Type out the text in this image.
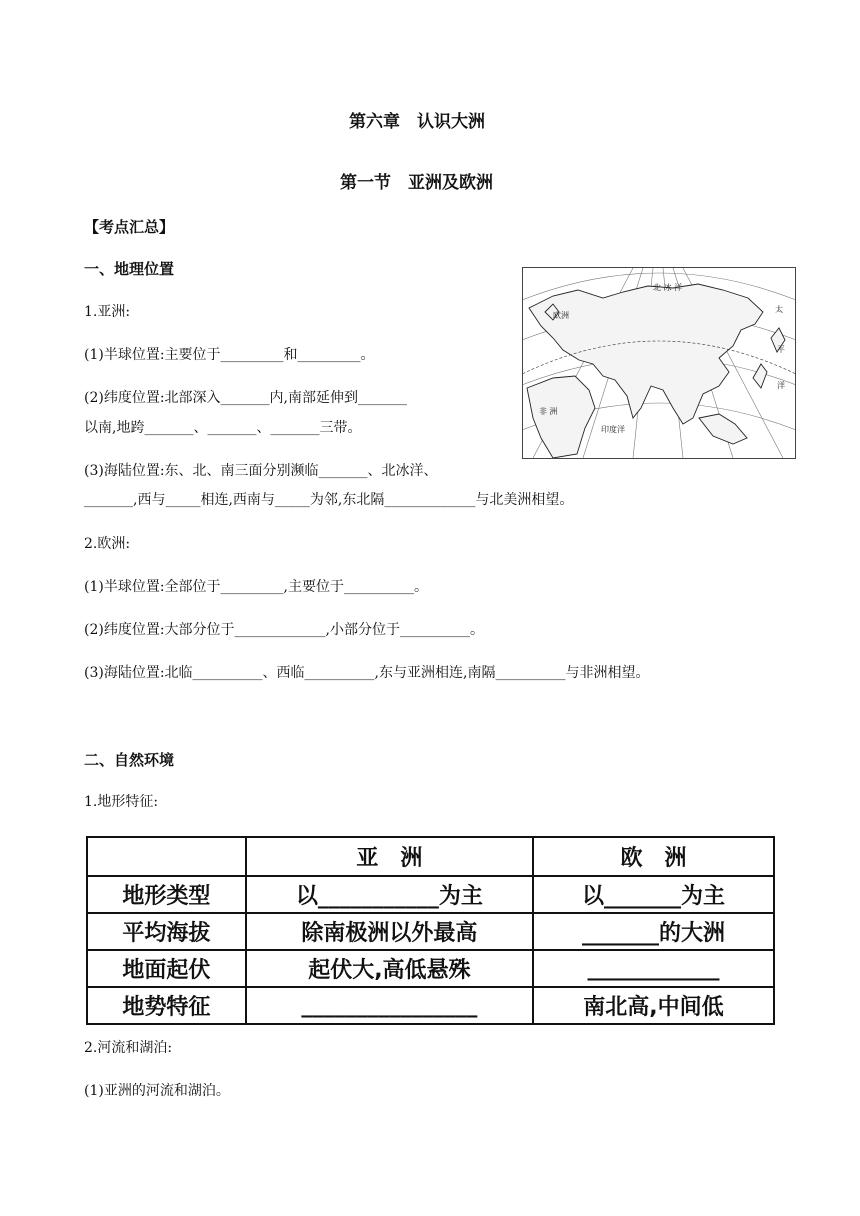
第六章　认识大洲
第一节　亚洲及欧洲
【考点汇总】
一、地理位置
北 冰 洋
欧洲
非 洲
印度洋
太
平
洋
1.亚洲:
(1)半球位置:主要位于_________和_________。
(2)纬度位置:北部深入_______内,南部延伸到_______
以南,地跨_______、_______、_______三带。
(3)海陆位置:东、北、南三面分别濒临_______、北冰洋、
_______,西与_____相连,西南与_____为邻,东北隔_____________与北美洲相望。
2.欧洲:
(1)半球位置:全部位于_________,主要位于__________。
(2)纬度位置:大部分位于_____________,小部分位于__________。
(3)海陆位置:北临__________、西临__________,东与亚洲相连,南隔__________与非洲相望。
二、自然环境
1.地形特征:
	亚　洲	欧　洲
地形类型	以___________为主	以_______为主
平均海拔	除南极洲以外最高	_______的大洲
地面起伏	起伏大,高低悬殊	____________
地势特征	________________	南北高,中间低
2.河流和湖泊:
(1)亚洲的河流和湖泊。
